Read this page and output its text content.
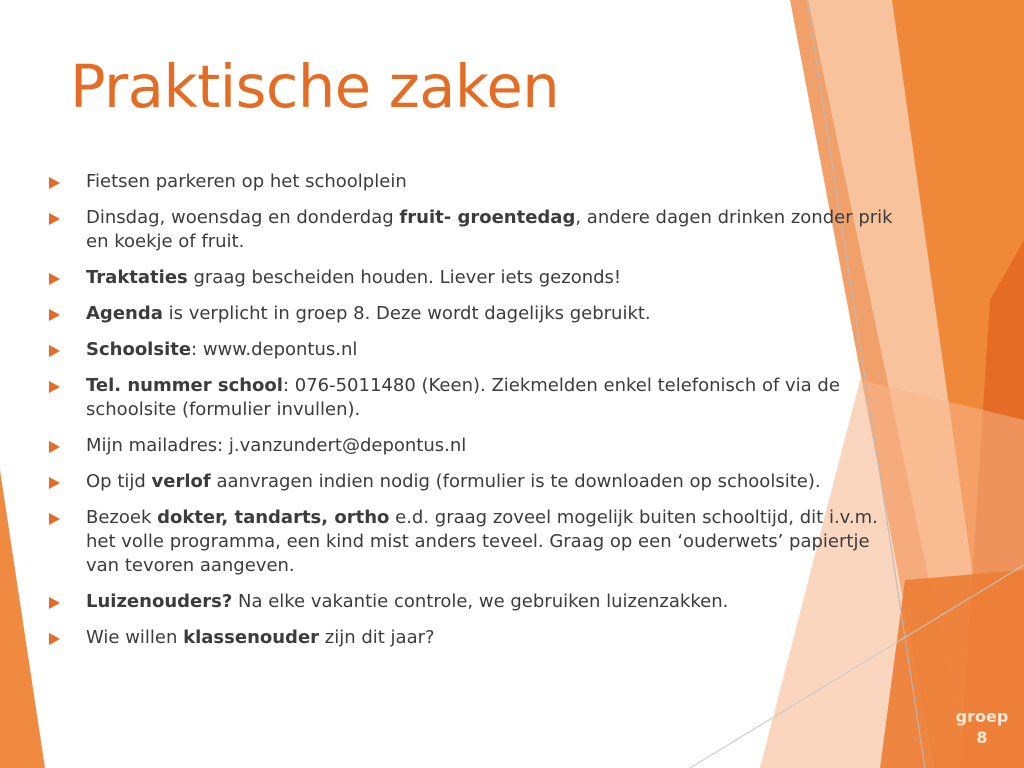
Praktische zaken
Fietsen parkeren op het schoolplein
Dinsdag, woensdag en donderdag fruit- groentedag, andere dagen drinken zonder prik en koekje of fruit.
Traktaties graag bescheiden houden. Liever iets gezonds!
Agenda is verplicht in groep 8. Deze wordt dagelijks gebruikt.
Schoolsite: www.depontus.nl
Tel. nummer school: 076-5011480 (Keen). Ziekmelden enkel telefonisch of via de schoolsite (formulier invullen).
Mijn mailadres: j.vanzundert@depontus.nl
Op tijd verlof aanvragen indien nodig (formulier is te downloaden op schoolsite).
Bezoek dokter, tandarts, ortho e.d. graag zoveel mogelijk buiten schooltijd, dit i.v.m. het volle programma, een kind mist anders teveel. Graag op een ‘ouderwets’ papiertje van tevoren aangeven.
Luizenouders? Na elke vakantie controle, we gebruiken luizenzakken.
Wie willen klassenouder zijn dit jaar?
groep
8
